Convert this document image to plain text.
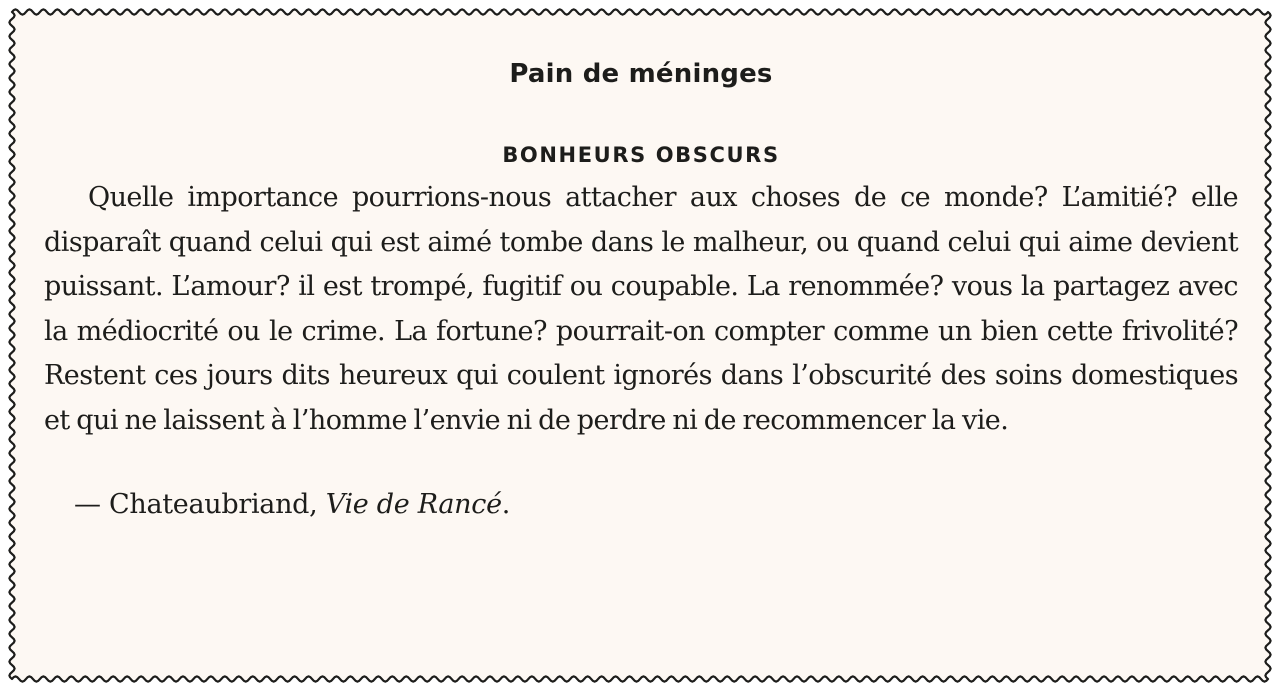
Pain de méninges
BONHEURS OBSCURS

Quelle importance pourrions-nous attacher aux choses de ce monde? L’amitié? elle disparaît quand celui qui est aimé tombe dans le malheur, ou quand celui qui aime devient puissant. L’amour? il est trompé, fugitif ou coupable. La renommée? vous la partagez avec la médiocrité ou le crime. La fortune? pourrait-on compter comme un bien cette frivolité? Restent ces jours dits heureux qui coulent ignorés dans l’obscurité des soins domestiques et qui ne laissent à l’homme l’envie ni de perdre ni de recommencer la vie.

— Chateaubriand, Vie de Rancé.
